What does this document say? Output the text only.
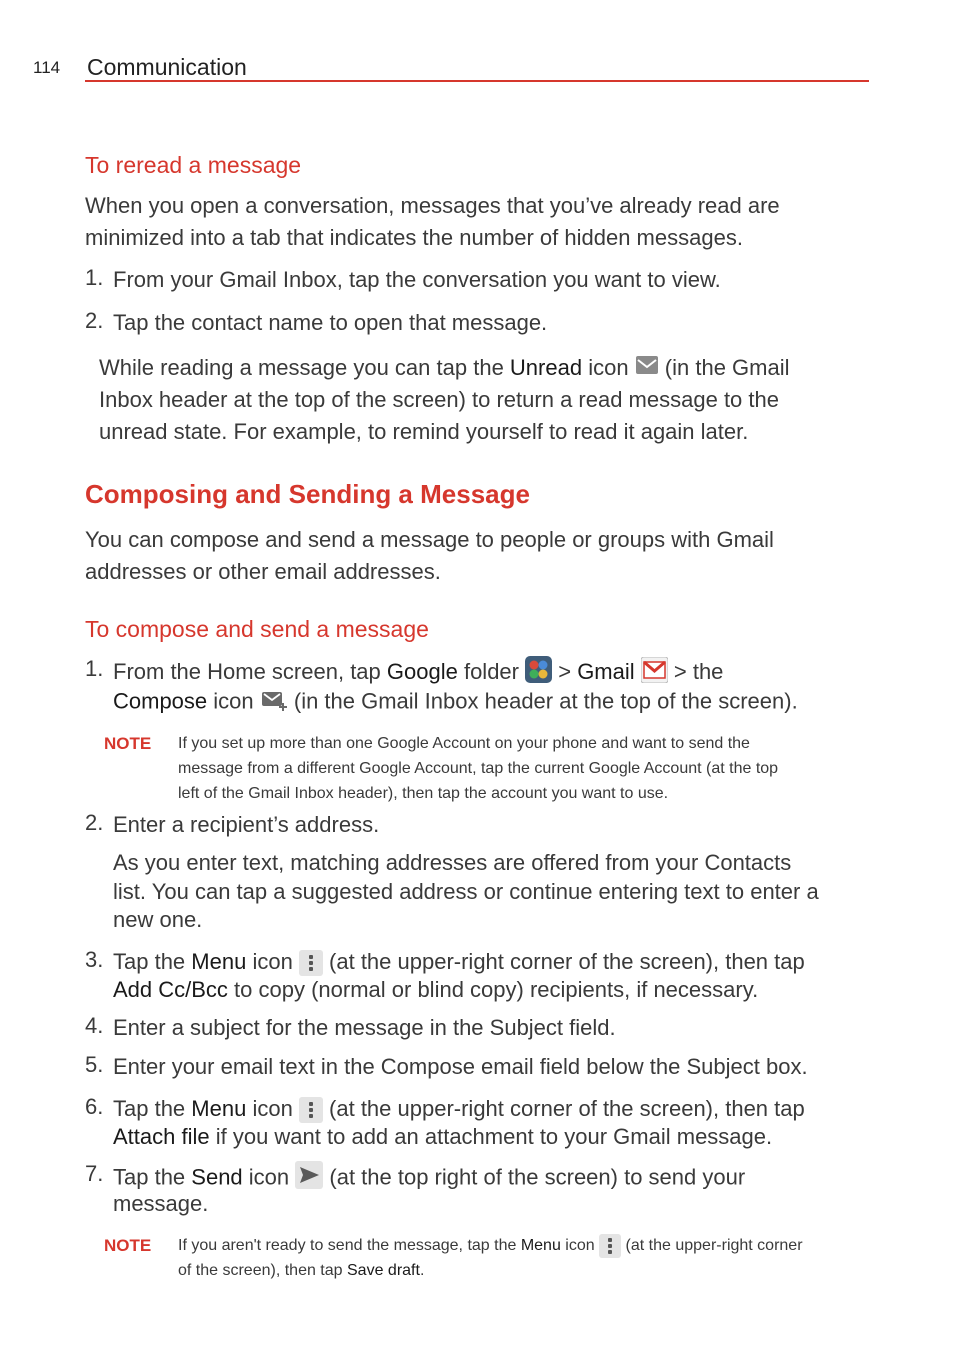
114 Communication
To reread a message
When you open a conversation, messages that you’ve already read are
minimized into a tab that indicates the number of hidden messages.
1. From your Gmail Inbox, tap the conversation you want to view.
2. Tap the contact name to open that message.
While reading a message you can tap the Unread icon  (in the Gmail
Inbox header at the top of the screen) to return a read message to the
unread state. For example, to remind yourself to read it again later.
Composing and Sending a Message
You can compose and send a message to people or groups with Gmail
addresses or other email addresses.
To compose and send a message
1. From the Home screen, tap Google folder  > Gmail  > the
Compose icon  (in the Gmail Inbox header at the top of the screen).
NOTE If you set up more than one Google Account on your phone and want to send the
message from a different Google Account, tap the current Google Account (at the top
left of the Gmail Inbox header), then tap the account you want to use.
2. Enter a recipient’s address.
As you enter text, matching addresses are offered from your Contacts
list. You can tap a suggested address or continue entering text to enter a
new one.
3. Tap the Menu icon
(at the upper-right corner of the screen), then tap
Add Cc/Bcc to copy (normal or blind copy) recipients, if necessary.
4. Enter a subject for the message in the Subject field.
5. Enter your email text in the Compose email field below the Subject box.
6. Tap the Menu icon
(at the upper-right corner of the screen), then tap
Attach file if you want to add an attachment to your Gmail message.
7. Tap the Send icon  (at the top right of the screen) to send your
message.
NOTE If you aren't ready to send the message, tap the Menu icon
(at the upper-right corner
of the screen), then tap Save draft.
